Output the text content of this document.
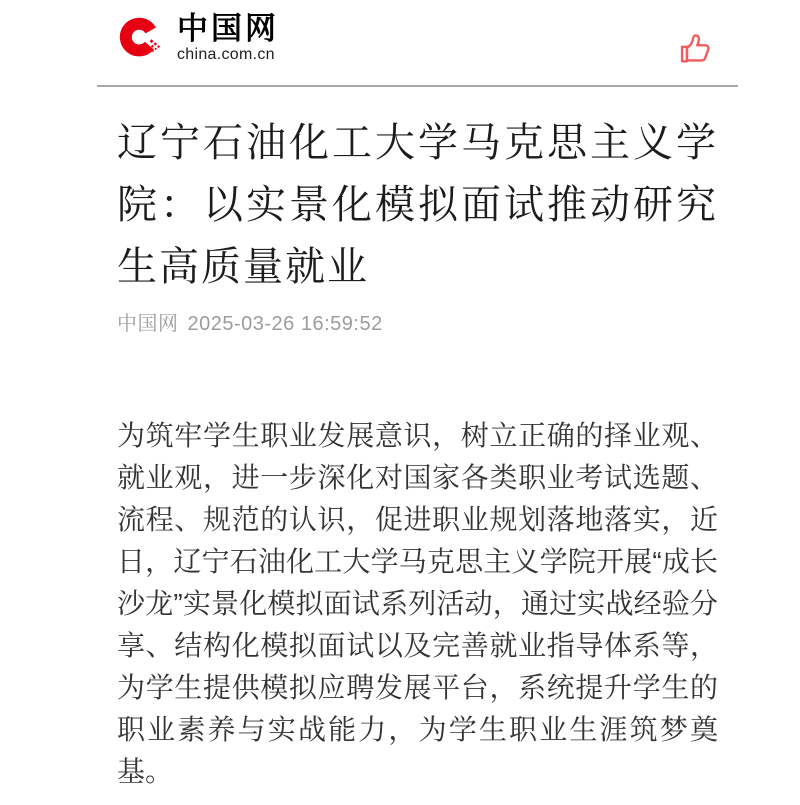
中国网
china.com.cn
辽宁石油化工大学马克思主义学院：以实景化模拟面试推动研究生高质量就业
中国网 2025-03-26 16:59:52

为筑牢学生职业发展意识，树立正确的择业观、就业观，进一步深化对国家各类职业考试选题、流程、规范的认识，促进职业规划落地落实，近日，辽宁石油化工大学马克思主义学院开展“成长沙龙”实景化模拟面试系列活动，通过实战经验分享、结构化模拟面试以及完善就业指导体系等，为学生提供模拟应聘发展平台，系统提升学生的职业素养与实战能力，为学生职业生涯筑梦奠基。
